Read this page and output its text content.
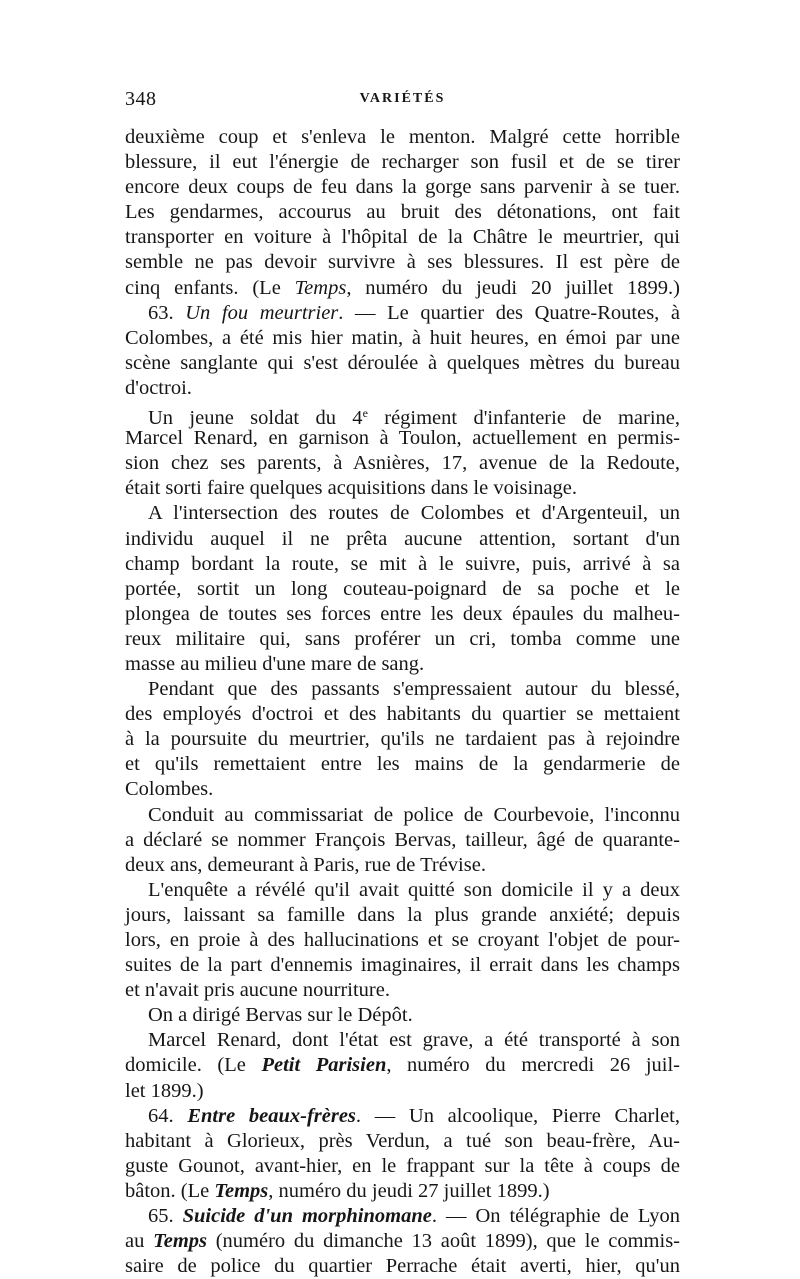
348	VARIÉTÉS
deuxième coup et s'enleva le menton. Malgré cette horrible
blessure, il eut l'énergie de recharger son fusil et de se tirer
encore deux coups de feu dans la gorge sans parvenir à se tuer.
Les gendarmes, accourus au bruit des détonations, ont fait
transporter en voiture à l'hôpital de la Châtre le meurtrier, qui
semble ne pas devoir survivre à ses blessures. Il est père de
cinq enfants. (Le Temps, numéro du jeudi 20 juillet 1899.)
63. Un fou meurtrier. — Le quartier des Quatre-Routes, à
Colombes, a été mis hier matin, à huit heures, en émoi par une
scène sanglante qui s'est déroulée à quelques mètres du bureau
d'octroi.
Un jeune soldat du 4e régiment d'infanterie de marine,
Marcel Renard, en garnison à Toulon, actuellement en permis-
sion chez ses parents, à Asnières, 17, avenue de la Redoute,
était sorti faire quelques acquisitions dans le voisinage.
A l'intersection des routes de Colombes et d'Argenteuil, un
individu auquel il ne prêta aucune attention, sortant d'un
champ bordant la route, se mit à le suivre, puis, arrivé à sa
portée, sortit un long couteau-poignard de sa poche et le
plongea de toutes ses forces entre les deux épaules du malheu-
reux militaire qui, sans proférer un cri, tomba comme une
masse au milieu d'une mare de sang.
Pendant que des passants s'empressaient autour du blessé,
des employés d'octroi et des habitants du quartier se mettaient
à la poursuite du meurtrier, qu'ils ne tardaient pas à rejoindre
et qu'ils remettaient entre les mains de la gendarmerie de
Colombes.
Conduit au commissariat de police de Courbevoie, l'inconnu
a déclaré se nommer François Bervas, tailleur, âgé de quarante-
deux ans, demeurant à Paris, rue de Trévise.
L'enquête a révélé qu'il avait quitté son domicile il y a deux
jours, laissant sa famille dans la plus grande anxiété; depuis
lors, en proie à des hallucinations et se croyant l'objet de pour-
suites de la part d'ennemis imaginaires, il errait dans les champs
et n'avait pris aucune nourriture.
On a dirigé Bervas sur le Dépôt.
Marcel Renard, dont l'état est grave, a été transporté à son
domicile. (Le Petit Parisien, numéro du mercredi 26 juil-
let 1899.)
64. Entre beaux-frères. — Un alcoolique, Pierre Charlet,
habitant à Glorieux, près Verdun, a tué son beau-frère, Au-
guste Gounot, avant-hier, en le frappant sur la tête à coups de
bâton. (Le Temps, numéro du jeudi 27 juillet 1899.)
65. Suicide d'un morphinomane. — On télégraphie de Lyon
au Temps (numéro du dimanche 13 août 1899), que le commis-
saire de police du quartier Perrache était averti, hier, qu'un
